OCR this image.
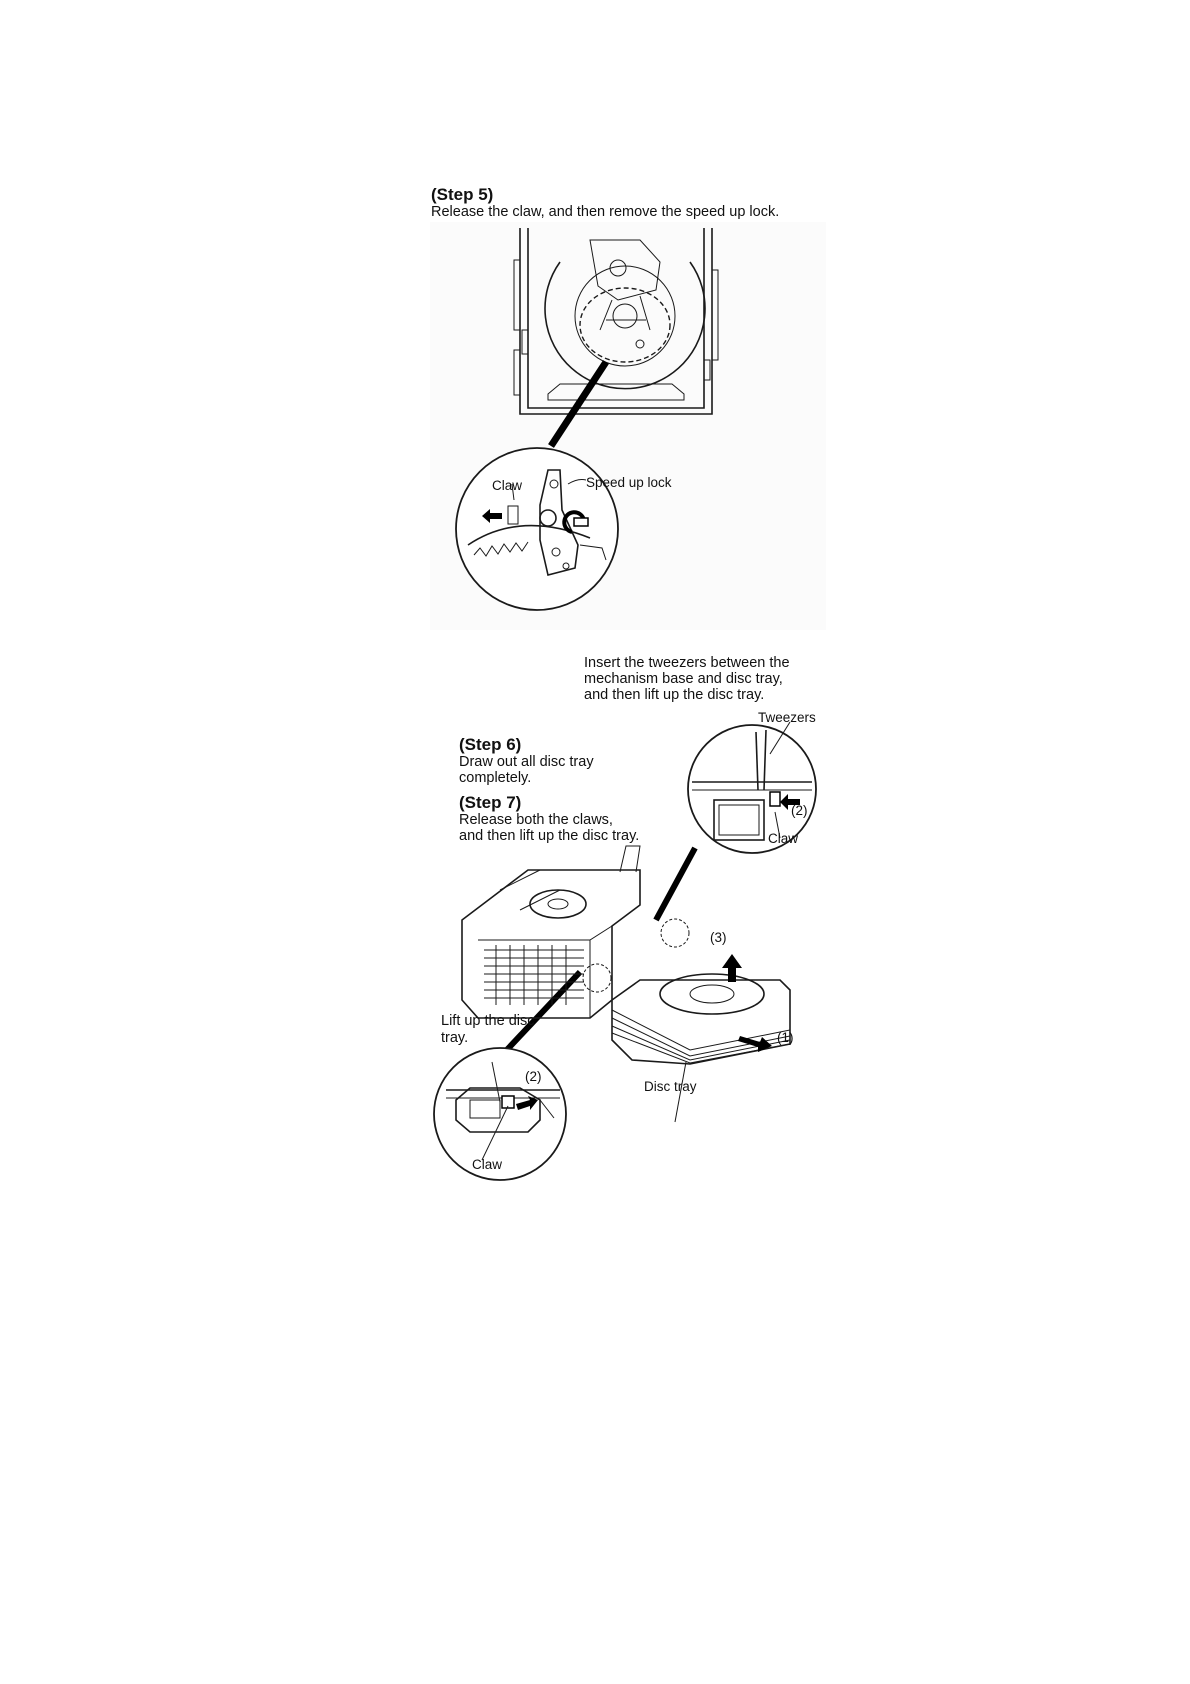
(Step 5)

Release the claw, and then remove the speed up lock.

Claw	Speed up lock

Insert the tweezers between the

mechanism base and disc tray,

and then lift up the disc tray.

Tweezers

(Step 6)

Draw out all disc tray

completely.

(Step 7)

Release both the claws,

and then lift up the disc tray.

(2)

Claw

(3)

(1)

Lift up the disc

tray.

(2)

Disc tray

Claw
